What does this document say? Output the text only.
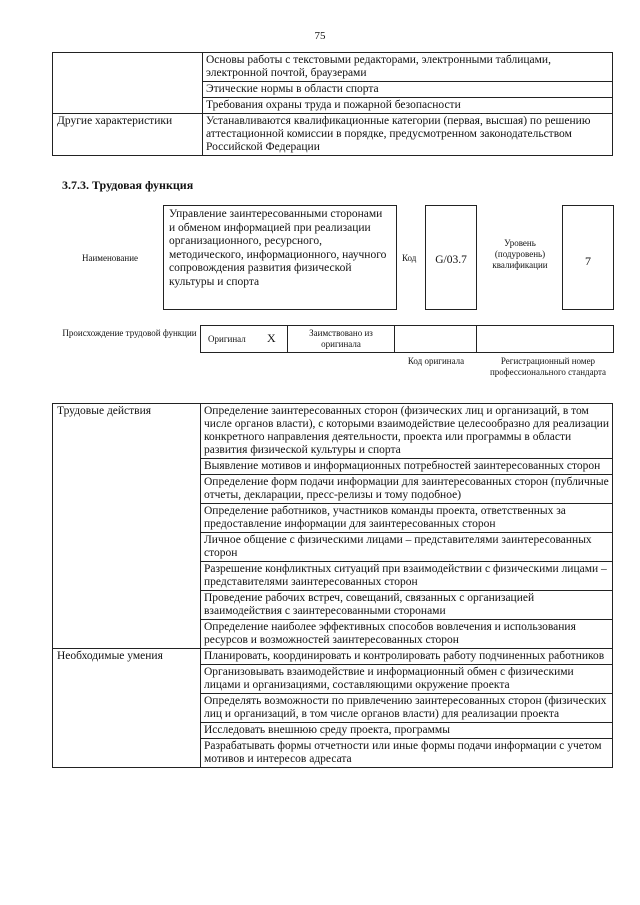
75
	Основы работы с текстовыми редакторами, электронными таблицами, электронной почтой, браузерами
	Этические нормы в области спорта
	Требования охраны труда и пожарной безопасности
Другие характеристики	Устанавливаются квалификационные категории (первая, высшая) по решению аттестационной комиссии в порядке, предусмотренном законодательством Российской Федерации
3.7.3. Трудовая функция
Наименование
Управление заинтересованными сторонами и обменом информацией при реализации организационного, ресурсного, методического, информационного, научного сопровождения развития физической культуры и спорта
Код	G/03.7
Уровень (подуровень) квалификации	7
Происхождение трудовой функции
Оригинал X	Заимствовано из оригинала
Код оригинала	Регистрационный номер профессионального стандарта
Трудовые действия	Определение заинтересованных сторон (физических лиц и организаций, в том числе органов власти), с которыми взаимодействие целесообразно для реализации конкретного направления деятельности, проекта или программы в области развития физической культуры и спорта
	Выявление мотивов и информационных потребностей заинтересованных сторон
	Определение форм подачи информации для заинтересованных сторон (публичные отчеты, декларации, пресс-релизы и тому подобное)
	Определение работников, участников команды проекта, ответственных за предоставление информации для заинтересованных сторон
	Личное общение с физическими лицами – представителями заинтересованных сторон
	Разрешение конфликтных ситуаций при взаимодействии с физическими лицами – представителями заинтересованных сторон
	Проведение рабочих встреч, совещаний, связанных с организацией взаимодействия с заинтересованными сторонами
	Определение наиболее эффективных способов вовлечения и использования ресурсов и возможностей заинтересованных сторон
Необходимые умения	Планировать, координировать и контролировать работу подчиненных работников
	Организовывать взаимодействие и информационный обмен с физическими лицами и организациями, составляющими окружение проекта
	Определять возможности по привлечению заинтересованных сторон (физических лиц и организаций, в том числе органов власти) для реализации проекта
	Исследовать внешнюю среду проекта, программы
	Разрабатывать формы отчетности или иные формы подачи информации с учетом мотивов и интересов адресата
